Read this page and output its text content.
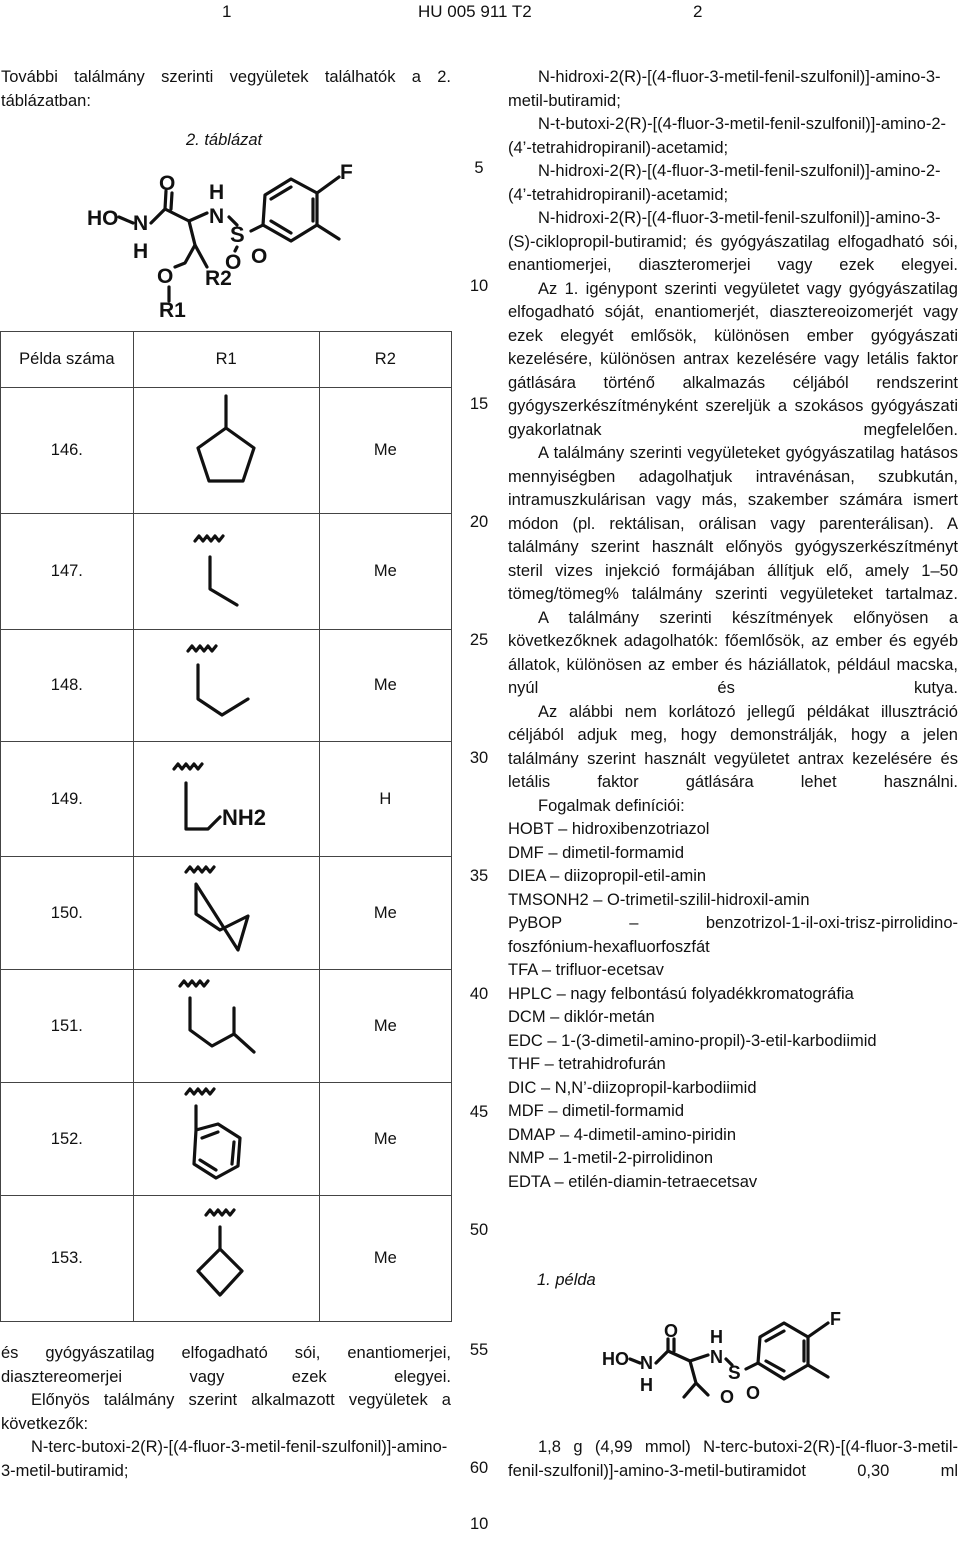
1	HU 005 911 T2	2

További találmány szerinti vegyületek találhatók a 2. táblázatban:

2. táblázat
HO N
H
O H
N
S
O O
F
O R2
R1
Példa száma	R1	R2
146.		Me
147.		Me
148.		Me
149.	NH2	H
150.		Me
151.		Me
152.		Me
153.		Me

és gyógyászatilag elfogadható sói, enantiomerjei, diasztereomerjei vagy ezek elegyei.

Előnyös találmány szerint alkalmazott vegyületek a következők:

N-terc-butoxi-2(R)-[(4-fluor-3-metil-fenil-szulfonil)]-amino-3-metil-butiramid;

5
10
15
20
25
30
35
40
45
50
55
60

N-hidroxi-2(R)-[(4-fluor-3-metil-fenil-szulfonil)]-amino-3-metil-butiramid;

N-t-butoxi-2(R)-[(4-fluor-3-metil-fenil-szulfonil)]-amino-2-(4’-tetrahidropiranil)-acetamid;

N-hidroxi-2(R)-[(4-fluor-3-metil-fenil-szulfonil)]-amino-2-(4’-tetrahidropiranil)-acetamid;

N-hidroxi-2(R)-[(4-fluor-3-metil-fenil-szulfonil)]-amino-3-(S)-ciklopropil-butiramid; és gyógyászatilag elfogadható sói, enantiomerjei, diaszteromerjei vagy ezek elegyei.

Az 1. igénypont szerinti vegyületet vagy gyógyászatilag elfogadható sóját, enantiomerjét, diasztereoizomerjét vagy ezek elegyét emlősök, különösen ember gyógyászati kezelésére, különösen antrax kezelésére vagy letális faktor gátlására történő alkalmazás céljából rendszerint gyógyszerkészítményként szereljük a szokásos gyógyászati gyakorlatnak megfelelően.

A találmány szerinti vegyületeket gyógyászatilag hatásos mennyiségben adagolhatjuk intravénásan, szubkután, intramuszkulárisan vagy más, szakember számára ismert módon (pl. rektálisan, orálisan vagy parenterálisan). A találmány szerint használt előnyös gyógyszerkészítményt steril vizes injekció formájában állítjuk elő, amely 1–50 tömeg/tömeg% találmány szerinti vegyületeket tartalmaz.

A találmány szerinti készítmények előnyösen a következőknek adagolhatók: főemlősök, az ember és egyéb állatok, különösen az ember és háziállatok, például macska, nyúl és kutya.

Az alábbi nem korlátozó jellegű példákat illusztráció céljából adjuk meg, hogy demonstrálják, hogy a jelen találmány szerint használt vegyületet antrax kezelésére és letális faktor gátlására lehet használni.

Fogalmak definíciói:

HOBT – hidroxibenzotriazol

DMF – dimetil-formamid

DIEA – diizopropil-etil-amin

TMSONH2 – O-trimetil-szilil-hidroxil-amin

PyBOP – benzotrizol-1-il-oxi-trisz-pirrolidino-

foszfónium-hexafluorfoszfát

TFA – trifluor-ecetsav

HPLC – nagy felbontású folyadékkromatográfia

DCM – diklór-metán

EDC – 1-(3-dimetil-amino-propil)-3-etil-karbodiimid

THF – tetrahidrofurán

DIC – N,N’-diizopropil-karbodiimid

MDF – dimetil-formamid

DMAP – 4-dimetil-amino-piridin

NMP – 1-metil-2-pirrolidinon

EDTA – etilén-diamin-tetraecetsav

1. példa
HO N
H
O H
N
S
O O
F

1,8 g (4,99 mmol) N-terc-butoxi-2(R)-[(4-fluor-3-metil-fenil-szulfonil)]-amino-3-metil-butiramidot 0,30 ml

10
